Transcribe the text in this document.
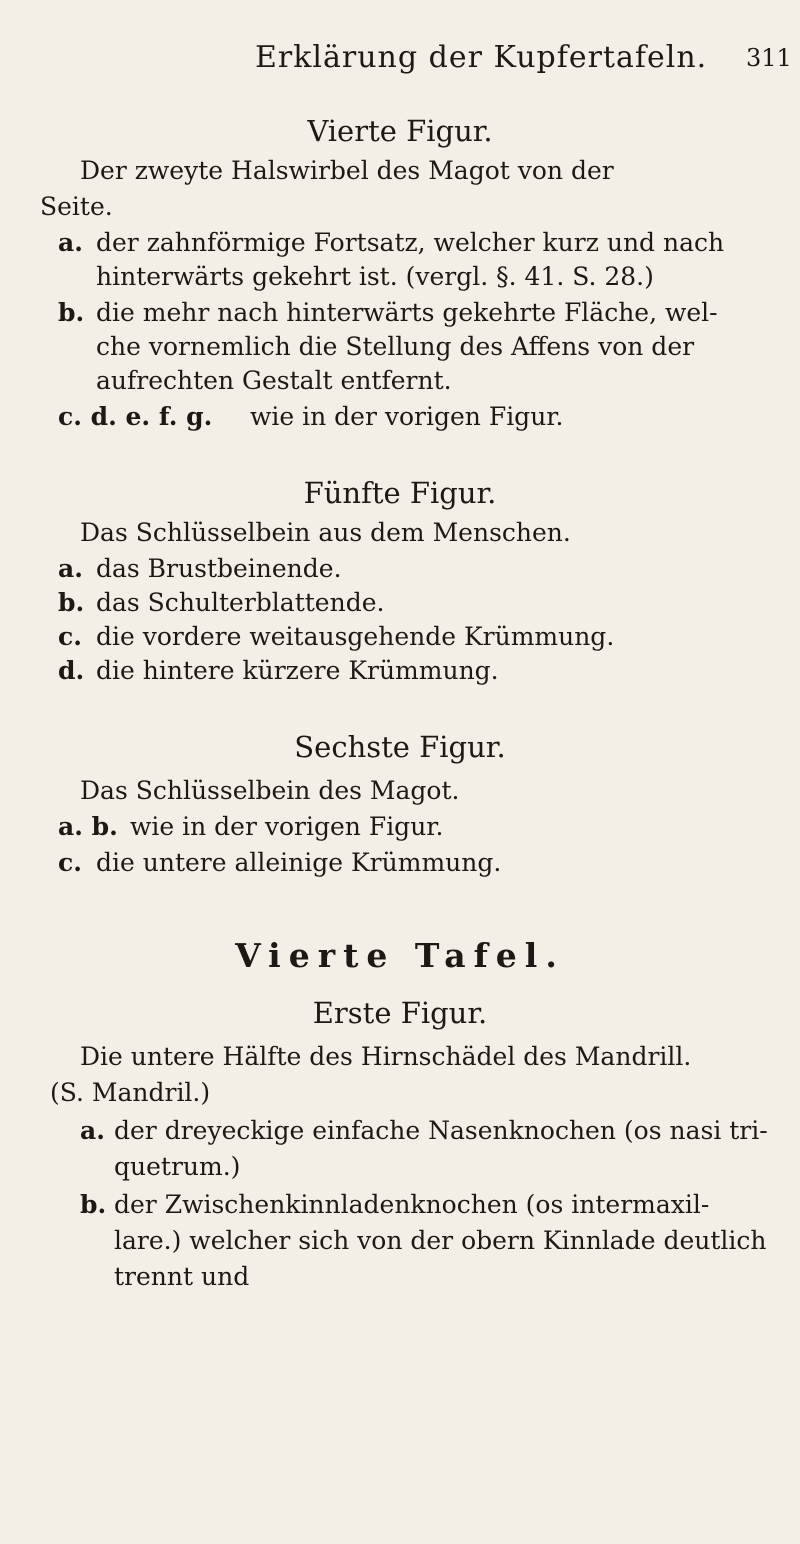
Erklärung der Kupfertafeln. 311
Vierte Figur.
Der zweyte Halswirbel des Magot von der
Seite.
a. der zahnförmige Fortsatz, welcher kurz und nach
hinterwärts gekehrt ist. (vergl. §. 41. S. 28.)
b. die mehr nach hinterwärts gekehrte Fläche, wel-
che vornemlich die Stellung des Affens von der
aufrechten Gestalt entfernt.
c. d. e. f. g. wie in der vorigen Figur.
Fünfte Figur.
Das Schlüsselbein aus dem Menschen.
a. das Brustbeinende.
b. das Schulterblattende.
c. die vordere weitausgehende Krümmung.
d. die hintere kürzere Krümmung.
Sechste Figur.
Das Schlüsselbein des Magot.
a. b. wie in der vorigen Figur.
c. die untere alleinige Krümmung.
Vierte Tafel.
Erste Figur.
Die untere Hälfte des Hirnschädel des Mandrill.
(S. Mandril.)
a. der dreyeckige einfache Nasenknochen (os nasi tri-
quetrum.)
b. der Zwischenkinnladenknochen (os intermaxil-
lare.) welcher sich von der obern Kinnlade deutlich
trennt und
